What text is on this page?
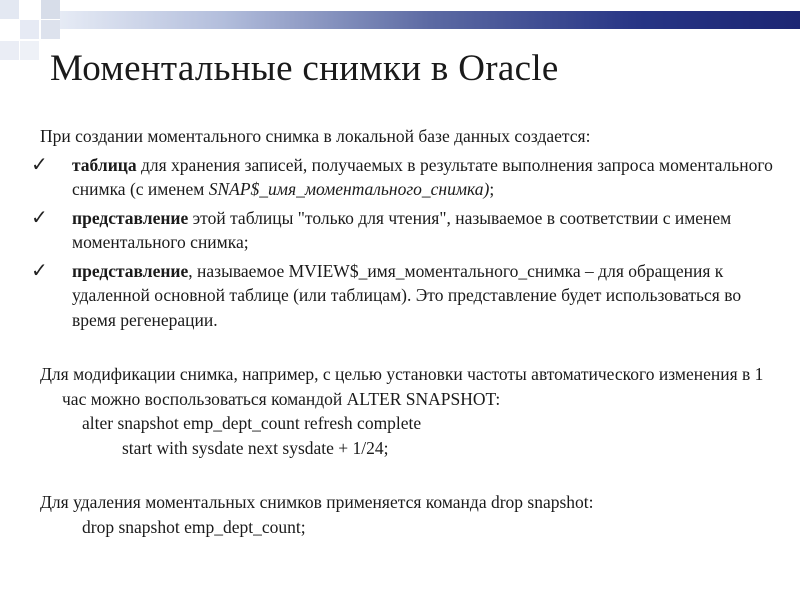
Моментальные снимки в Oracle

При создании моментального снимка в локальной базе данных создается:

✓ таблица для хранения записей, получаемых в результате выполнения запроса моментального снимка (с именем SNAP$_имя_моментального_снимка);
✓ представление этой таблицы "только для чтения", называемое в соответствии с именем моментального снимка;
✓ представление, называемое MVIEW$_имя_моментального_снимка – для обращения к удаленной основной таблице (или таблицам). Это представление будет использоваться во время регенерации.

Для модификации снимка, например, с целью установки частоты автоматического изменения в 1 час можно воспользоваться командой ALTER SNAPSHOT:

alter snapshot emp_dept_count refresh complete

start with sysdate next sysdate + 1/24;

Для удаления моментальных снимков применяется команда drop snapshot:

drop snapshot emp_dept_count;
